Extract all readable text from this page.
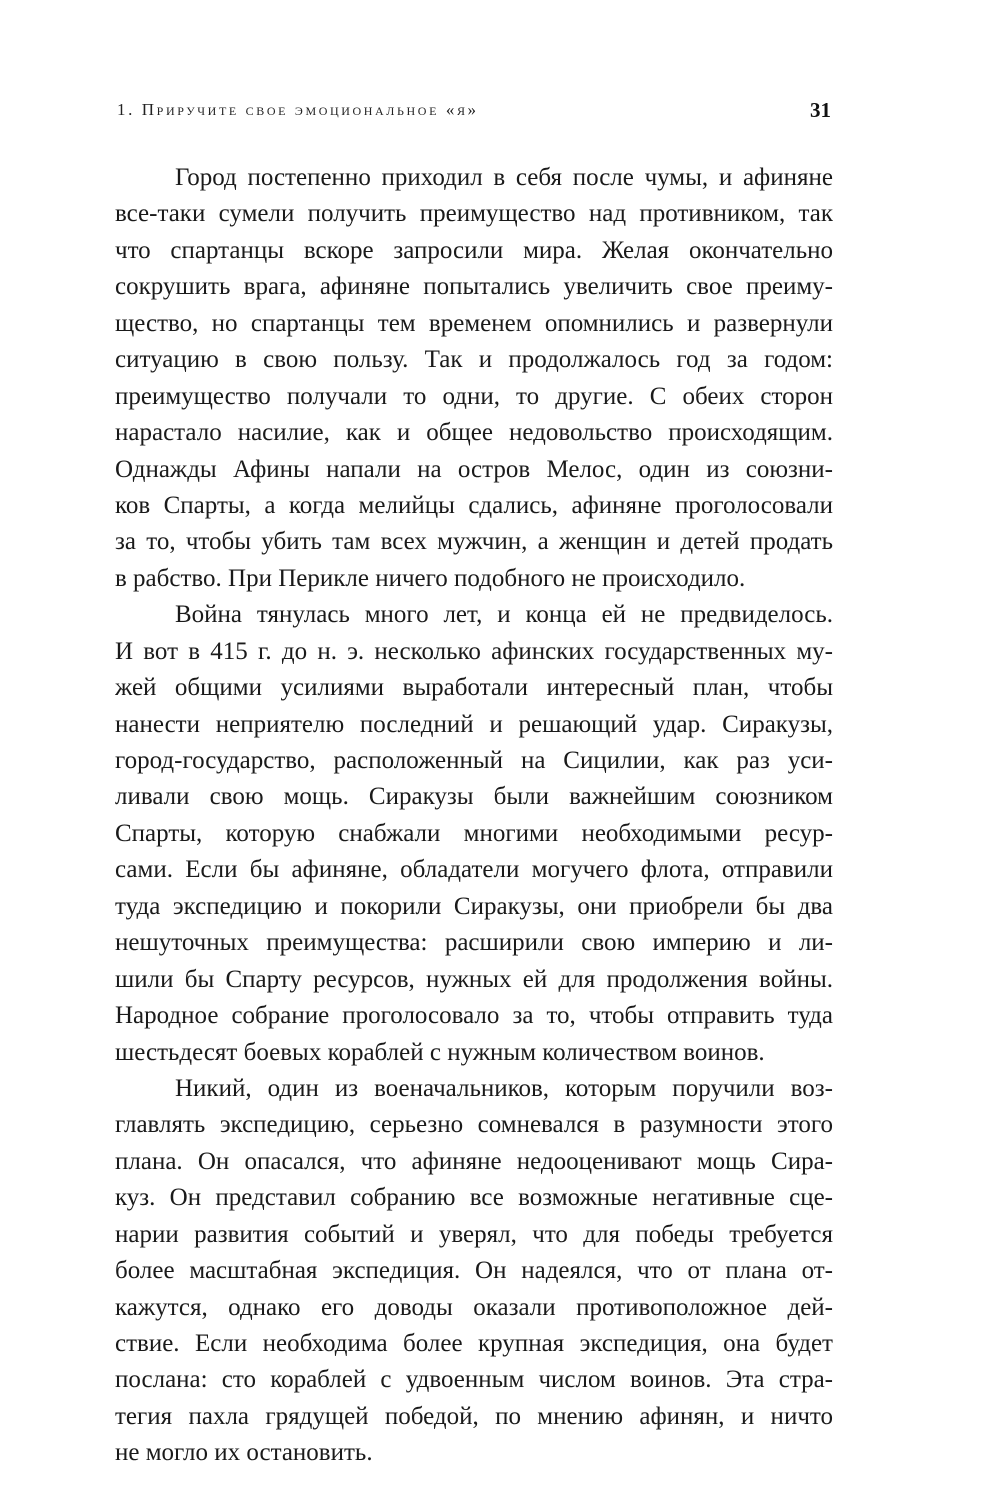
1. Приручите свое эмоциональное «я»	31
Город постепенно приходил в себя после чумы, и афиняне
все-таки сумели получить преимущество над противником, так
что спартанцы вскоре запросили мира. Желая окончательно
сокрушить врага, афиняне попытались увеличить свое преиму-
щество, но спартанцы тем временем опомнились и развернули
ситуацию в свою пользу. Так и продолжалось год за годом:
преимущество получали то одни, то другие. С обеих сторон
нарастало насилие, как и общее недовольство происходящим.
Однажды Афины напали на остров Мелос, один из союзни-
ков Спарты, а когда мелийцы сдались, афиняне проголосовали
за то, чтобы убить там всех мужчин, а женщин и детей продать
в рабство. При Перикле ничего подобного не происходило.
Война тянулась много лет, и конца ей не предвиделось.
И вот в 415 г. до н. э. несколько афинских государственных му-
жей общими усилиями выработали интересный план, чтобы
нанести неприятелю последний и решающий удар. Сиракузы,
город-государство, расположенный на Сицилии, как раз уси-
ливали свою мощь. Сиракузы были важнейшим союзником
Спарты, которую снабжали многими необходимыми ресур-
сами. Если бы афиняне, обладатели могучего флота, отправили
туда экспедицию и покорили Сиракузы, они приобрели бы два
нешуточных преимущества: расширили свою империю и ли-
шили бы Спарту ресурсов, нужных ей для продолжения войны.
Народное собрание проголосовало за то, чтобы отправить туда
шестьдесят боевых кораблей с нужным количеством воинов.
Никий, один из военачальников, которым поручили воз-
главлять экспедицию, серьезно сомневался в разумности этого
плана. Он опасался, что афиняне недооценивают мощь Сира-
куз. Он представил собранию все возможные негативные сце-
нарии развития событий и уверял, что для победы требуется
более масштабная экспедиция. Он надеялся, что от плана от-
кажутся, однако его доводы оказали противоположное дей-
ствие. Если необходима более крупная экспедиция, она будет
послана: сто кораблей с удвоенным числом воинов. Эта стра-
тегия пахла грядущей победой, по мнению афинян, и ничто
не могло их остановить.
